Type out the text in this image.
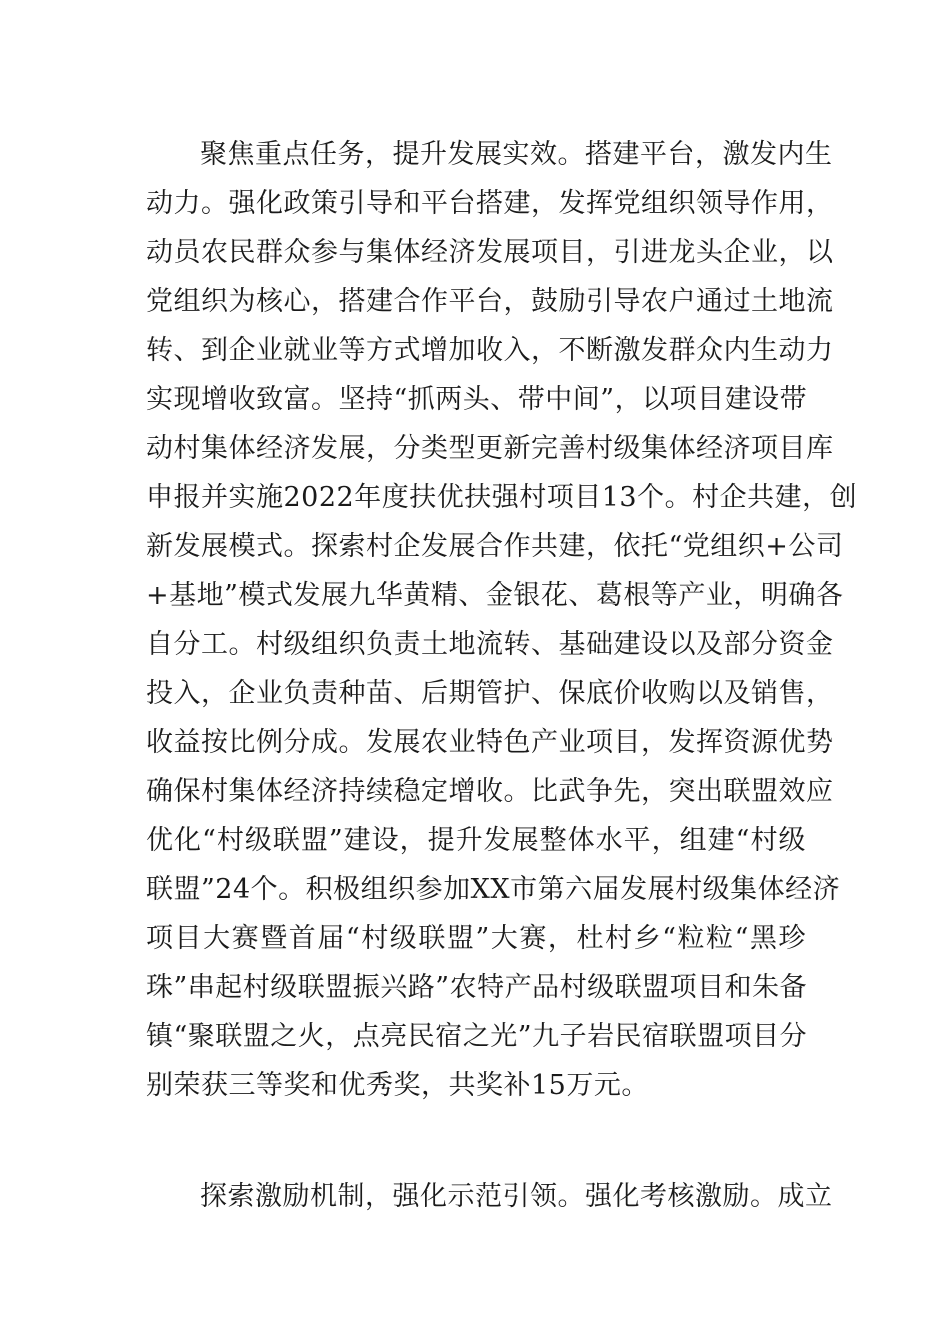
聚焦重点任务，提升发展实效。搭建平台，激发内生
动力。强化政策引导和平台搭建，发挥党组织领导作用，
动员农民群众参与集体经济发展项目，引进龙头企业，以
党组织为核心，搭建合作平台，鼓励引导农户通过土地流
转、到企业就业等方式增加收入，不断激发群众内生动力
实现增收致富。坚持“抓两头、带中间”，以项目建设带
动村集体经济发展，分类型更新完善村级集体经济项目库
申报并实施2022年度扶优扶强村项目13个。村企共建，创
新发展模式。探索村企发展合作共建，依托“党组织+公司
+基地”模式发展九华黄精、金银花、葛根等产业，明确各
自分工。村级组织负责土地流转、基础建设以及部分资金
投入，企业负责种苗、后期管护、保底价收购以及销售，
收益按比例分成。发展农业特色产业项目，发挥资源优势
确保村集体经济持续稳定增收。比武争先，突出联盟效应
优化“村级联盟”建设，提升发展整体水平，组建“村级
联盟”24个。积极组织参加XX市第六届发展村级集体经济
项目大赛暨首届“村级联盟”大赛，杜村乡“粒粒“黑珍
珠”串起村级联盟振兴路”农特产品村级联盟项目和朱备
镇“聚联盟之火，点亮民宿之光”九子岩民宿联盟项目分
别荣获三等奖和优秀奖，共奖补15万元。
探索激励机制，强化示范引领。强化考核激励。成立
